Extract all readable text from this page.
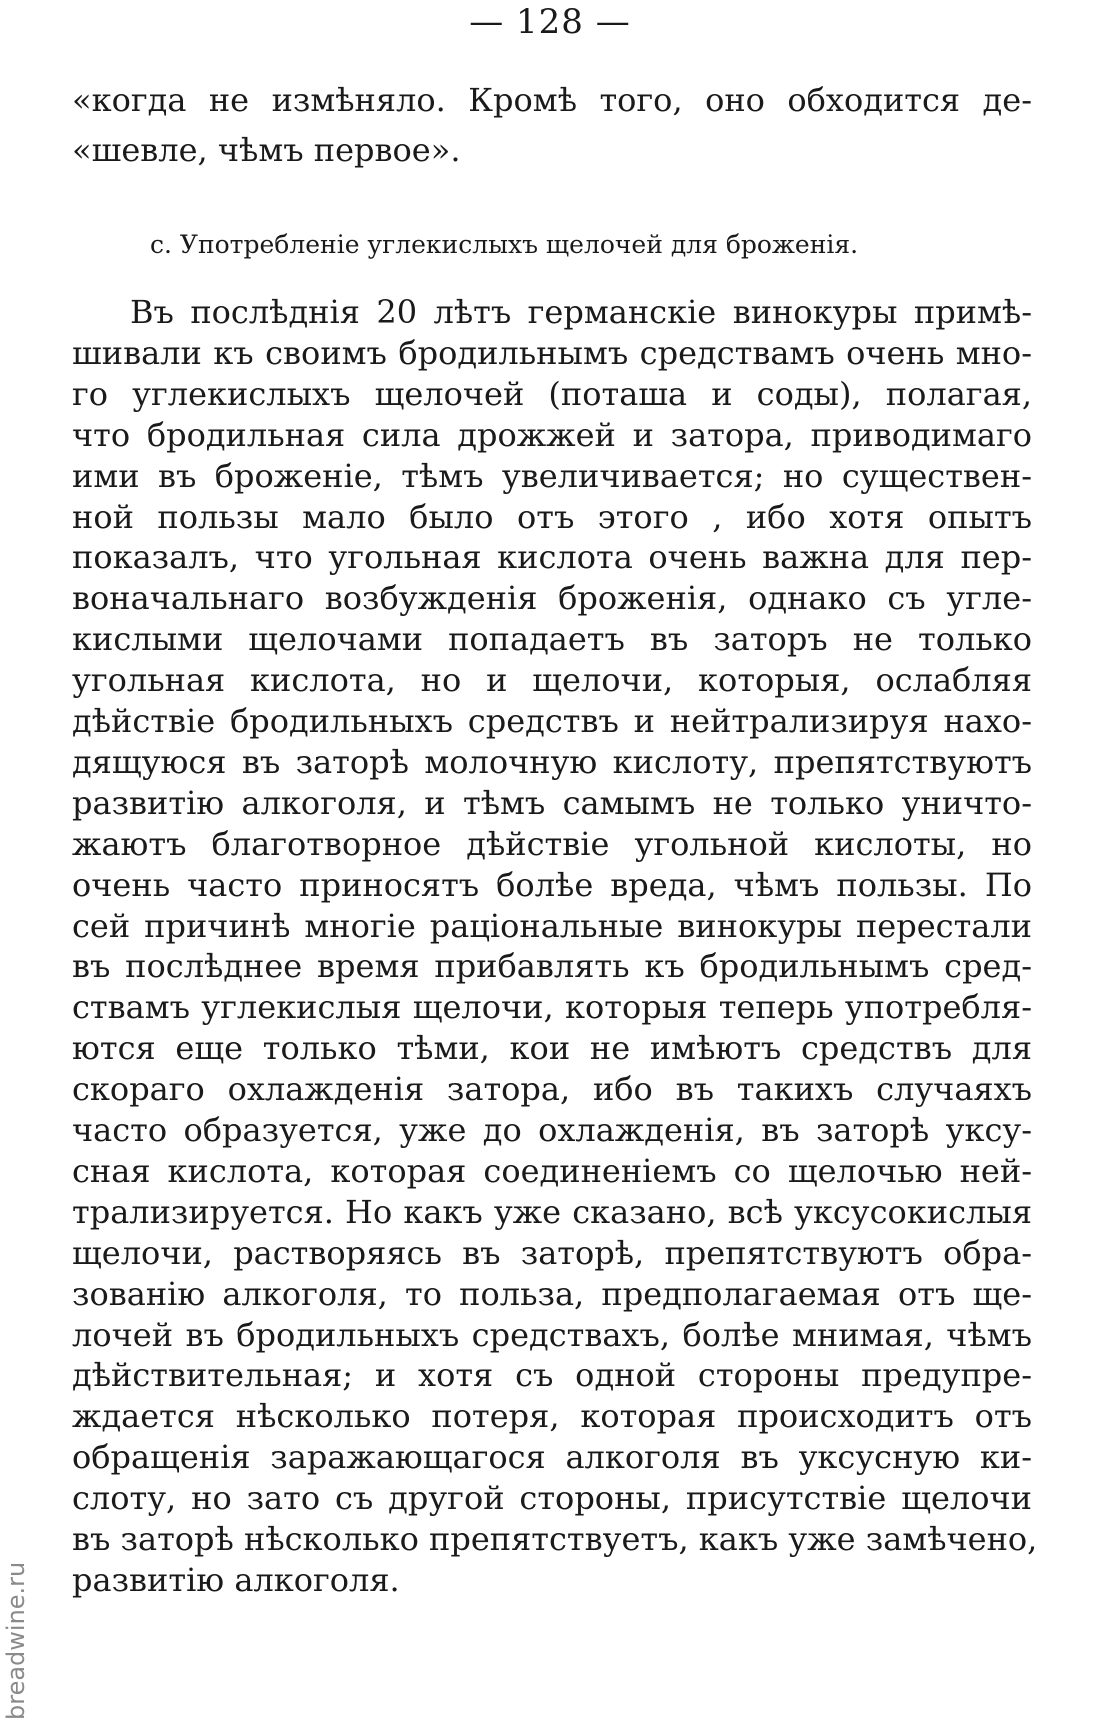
— 128 —
«когда не измѣняло. Кромѣ того, оно обходится де-
«шевле, чѣмъ первое».
с. Употребленіе углекислыхъ щелочей для броженія.
Въ послѣднія 20 лѣтъ германскіе винокуры примѣ-
шивали къ своимъ бродильнымъ средствамъ очень мно-
го углекислыхъ щелочей (поташа и соды), полагая,
что бродильная сила дрожжей и затора, приводимаго
ими въ броженіе, тѣмъ увеличивается; но существен-
ной пользы мало было отъ этого , ибо хотя опытъ
показалъ, что угольная кислота очень важна для пер-
воначальнаго возбужденія броженія, однако съ угле-
кислыми щелочами попадаетъ въ заторъ не только
угольная кислота, но и щелочи, которыя, ослабляя
дѣйствіе бродильныхъ средствъ и нейтрализируя нахо-
дящуюся въ заторѣ молочную кислоту, препятствуютъ
развитію алкоголя, и тѣмъ самымъ не только уничто-
жаютъ благотворное дѣйствіе угольной кислоты, но
очень часто приносятъ болѣе вреда, чѣмъ пользы. По
сей причинѣ многіе раціональные винокуры перестали
въ послѣднее время прибавлять къ бродильнымъ сред-
ствамъ углекислыя щелочи, которыя теперь употребля-
ются еще только тѣми, кои не имѣютъ средствъ для
скораго охлажденія затора, ибо въ такихъ случаяхъ
часто образуется, уже до охлажденія, въ заторѣ уксу-
сная кислота, которая соединеніемъ со щелочью ней-
трализируется. Но какъ уже сказано, всѣ уксусокислыя
щелочи, растворяясь въ заторѣ, препятствуютъ обра-
зованію алкоголя, то польза, предполагаемая отъ ще-
лочей въ бродильныхъ средствахъ, болѣе мнимая, чѣмъ
дѣйствительная; и хотя съ одной стороны предупре-
ждается нѣсколько потеря, которая происходитъ отъ
обращенія заражающагося алкоголя въ уксусную ки-
слоту, но зато съ другой стороны, присутствіе щелочи
въ заторѣ нѣсколько препятствуетъ, какъ уже замѣчено,
развитію алкоголя.
breadwine.ru
